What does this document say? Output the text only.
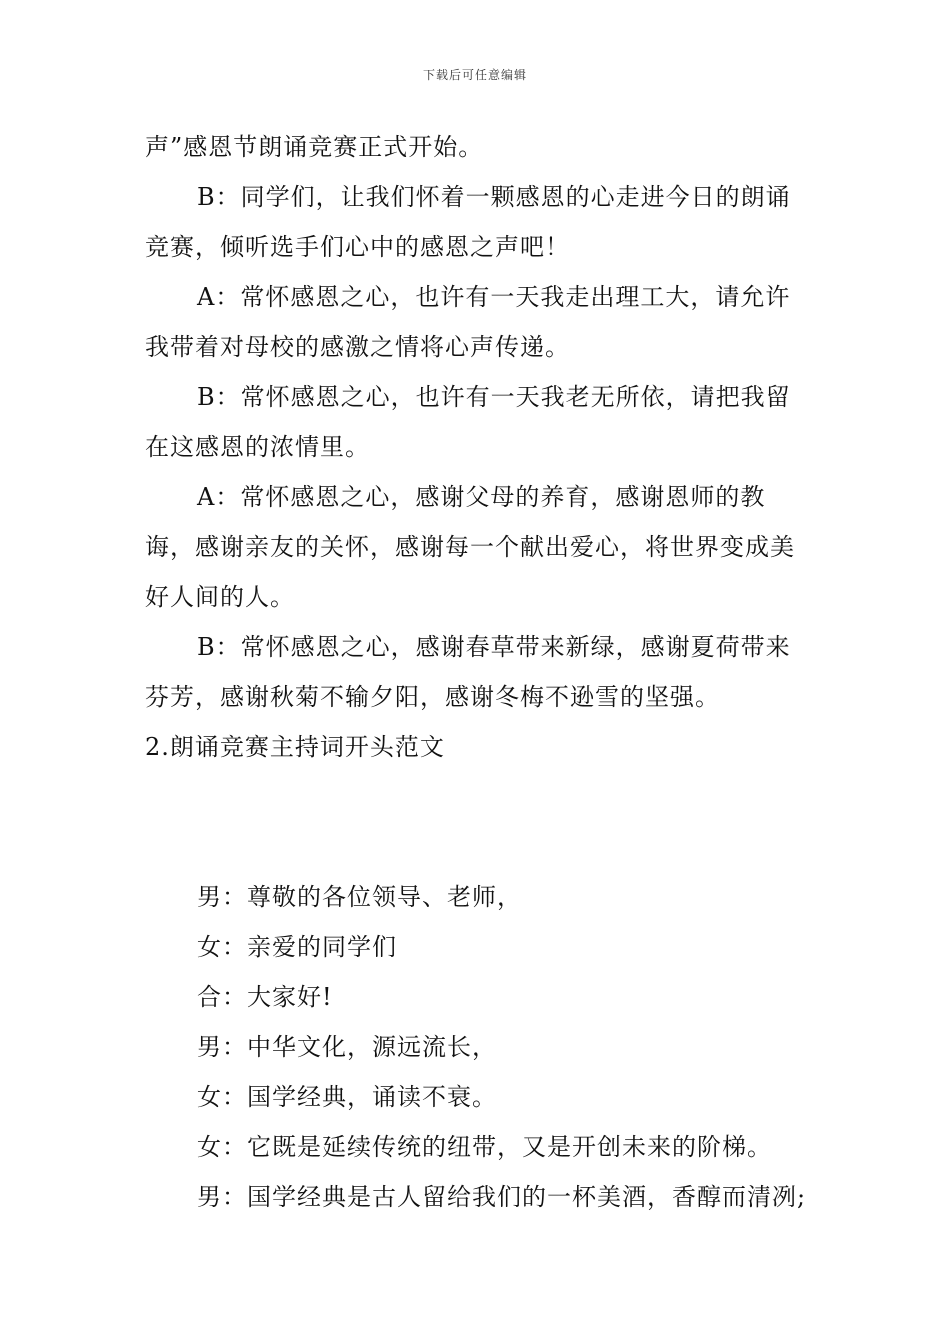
下载后可任意编辑

声”感恩节朗诵竞赛正式开始。

B：同学们，让我们怀着一颗感恩的心走进今日的朗诵竞赛，倾听选手们心中的感恩之声吧！

A：常怀感恩之心，也许有一天我走出理工大，请允许我带着对母校的感激之情将心声传递。

B：常怀感恩之心，也许有一天我老无所依，请把我留在这感恩的浓情里。

A：常怀感恩之心，感谢父母的养育，感谢恩师的教诲，感谢亲友的关怀，感谢每一个献出爱心，将世界变成美好人间的人。

B：常怀感恩之心，感谢春草带来新绿，感谢夏荷带来芬芳，感谢秋菊不输夕阳，感谢冬梅不逊雪的坚强。

2.朗诵竞赛主持词开头范文

男：尊敬的各位领导、老师，

女：亲爱的同学们

合：大家好!

男：中华文化，源远流长，

女：国学经典，诵读不衰。

女：它既是延续传统的纽带，又是开创未来的阶梯。

男：国学经典是古人留给我们的一杯美酒，香醇而清冽;
